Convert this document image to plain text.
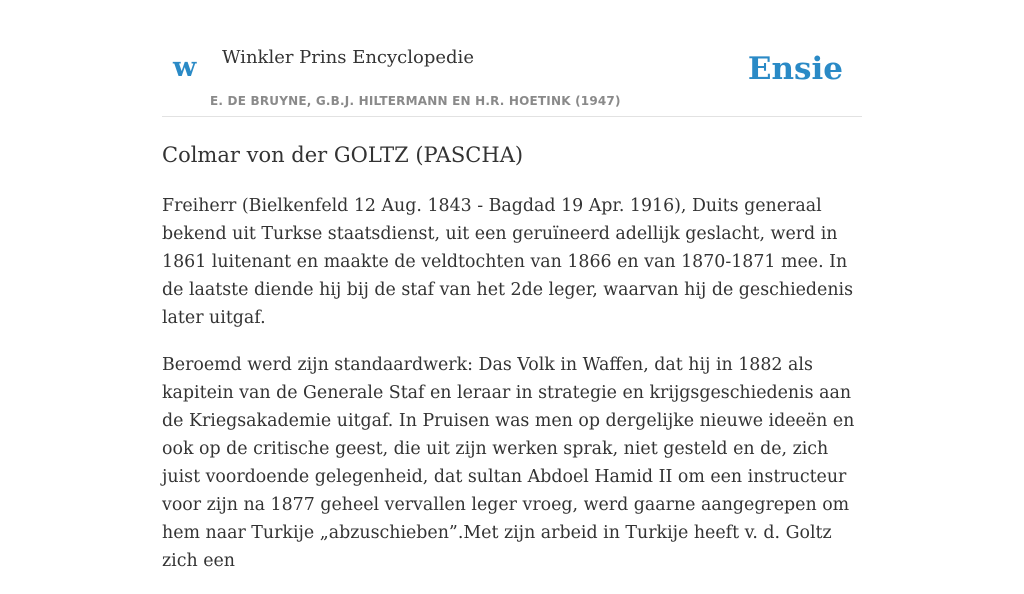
w Winkler Prins Encyclopedie
E. DE BRUYNE, G.B.J. HILTERMANN EN H.R. HOETINK (1947)
Ensie
Colmar von der GOLTZ (PASCHA)

Freiherr (Bielkenfeld 12 Aug. 1843 - Bagdad 19 Apr. 1916), Duits generaal bekend uit Turkse staatsdienst, uit een geruïneerd adellijk geslacht, werd in 1861 luitenant en maakte de veldtochten van 1866 en van 1870-1871 mee. In de laatste diende hij bij de staf van het 2de leger, waarvan hij de geschiedenis later uitgaf.

Beroemd werd zijn standaardwerk: Das Volk in Waffen, dat hij in 1882 als kapitein van de Generale Staf en leraar in strategie en krijgsgeschiedenis aan de Kriegsakademie uitgaf. In Pruisen was men op dergelijke nieuwe ideeën en ook op de critische geest, die uit zijn werken sprak, niet gesteld en de, zich juist voordoende gelegenheid, dat sultan Abdoel Hamid II om een instructeur voor zijn na 1877 geheel vervallen leger vroeg, werd gaarne aangegrepen om hem naar Turkije „abzuschieben”.Met zijn arbeid in Turkije heeft v. d. Goltz zich een
